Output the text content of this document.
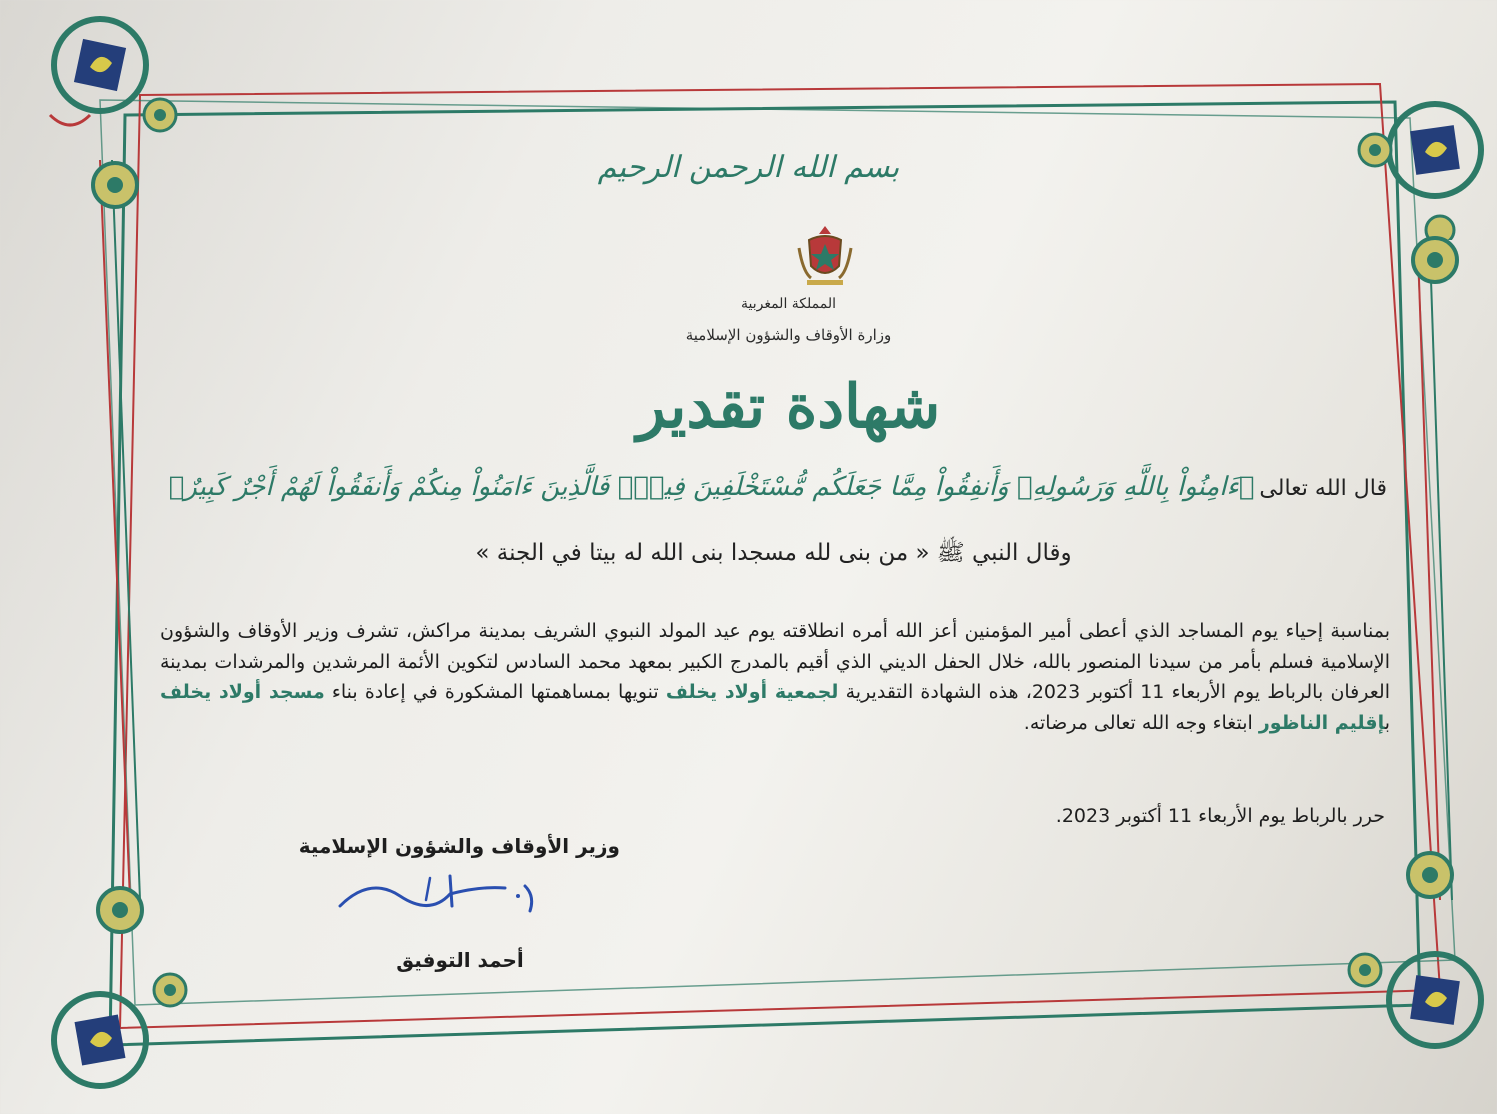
بسم الله الرحمن الرحيم
المملكة المغربية
وزارة الأوقاف والشؤون الإسلامية
شهادة تقدير
قال الله تعالى ﴿ءَامِنُواْ بِاللَّهِ وَرَسُولِهِۦ وَأَنفِقُواْ مِمَّا جَعَلَكُم مُّسْتَخْلَفِينَ فِيهِۖ فَالَّذِينَ ءَامَنُواْ مِنكُمْ وَأَنفَقُواْ لَهُمْ أَجْرٌ كَبِيرٌ﴾
وقال النبي ﷺ « من بنى لله مسجدا بنى الله له بيتا في الجنة »
بمناسبة إحياء يوم المساجد الذي أعطى أمير المؤمنين أعز الله أمره انطلاقته يوم عيد المولد النبوي الشريف بمدينة مراكش، تشرف وزير الأوقاف والشؤون الإسلامية فسلم بأمر من سيدنا المنصور بالله، خلال الحفل الديني الذي أقيم بالمدرج الكبير بمعهد محمد السادس لتكوين الأئمة المرشدين والمرشدات بمدينة العرفان بالرباط يوم الأربعاء 11 أكتوبر 2023، هذه الشهادة التقديرية لجمعية أولاد يخلف تنويها بمساهمتها المشكورة في إعادة بناء مسجد أولاد يخلف بإقليم الناظور ابتغاء وجه الله تعالى مرضاته.
حرر بالرباط يوم الأربعاء 11 أكتوبر 2023.
وزير الأوقاف والشؤون الإسلامية
أحمد التوفيق
